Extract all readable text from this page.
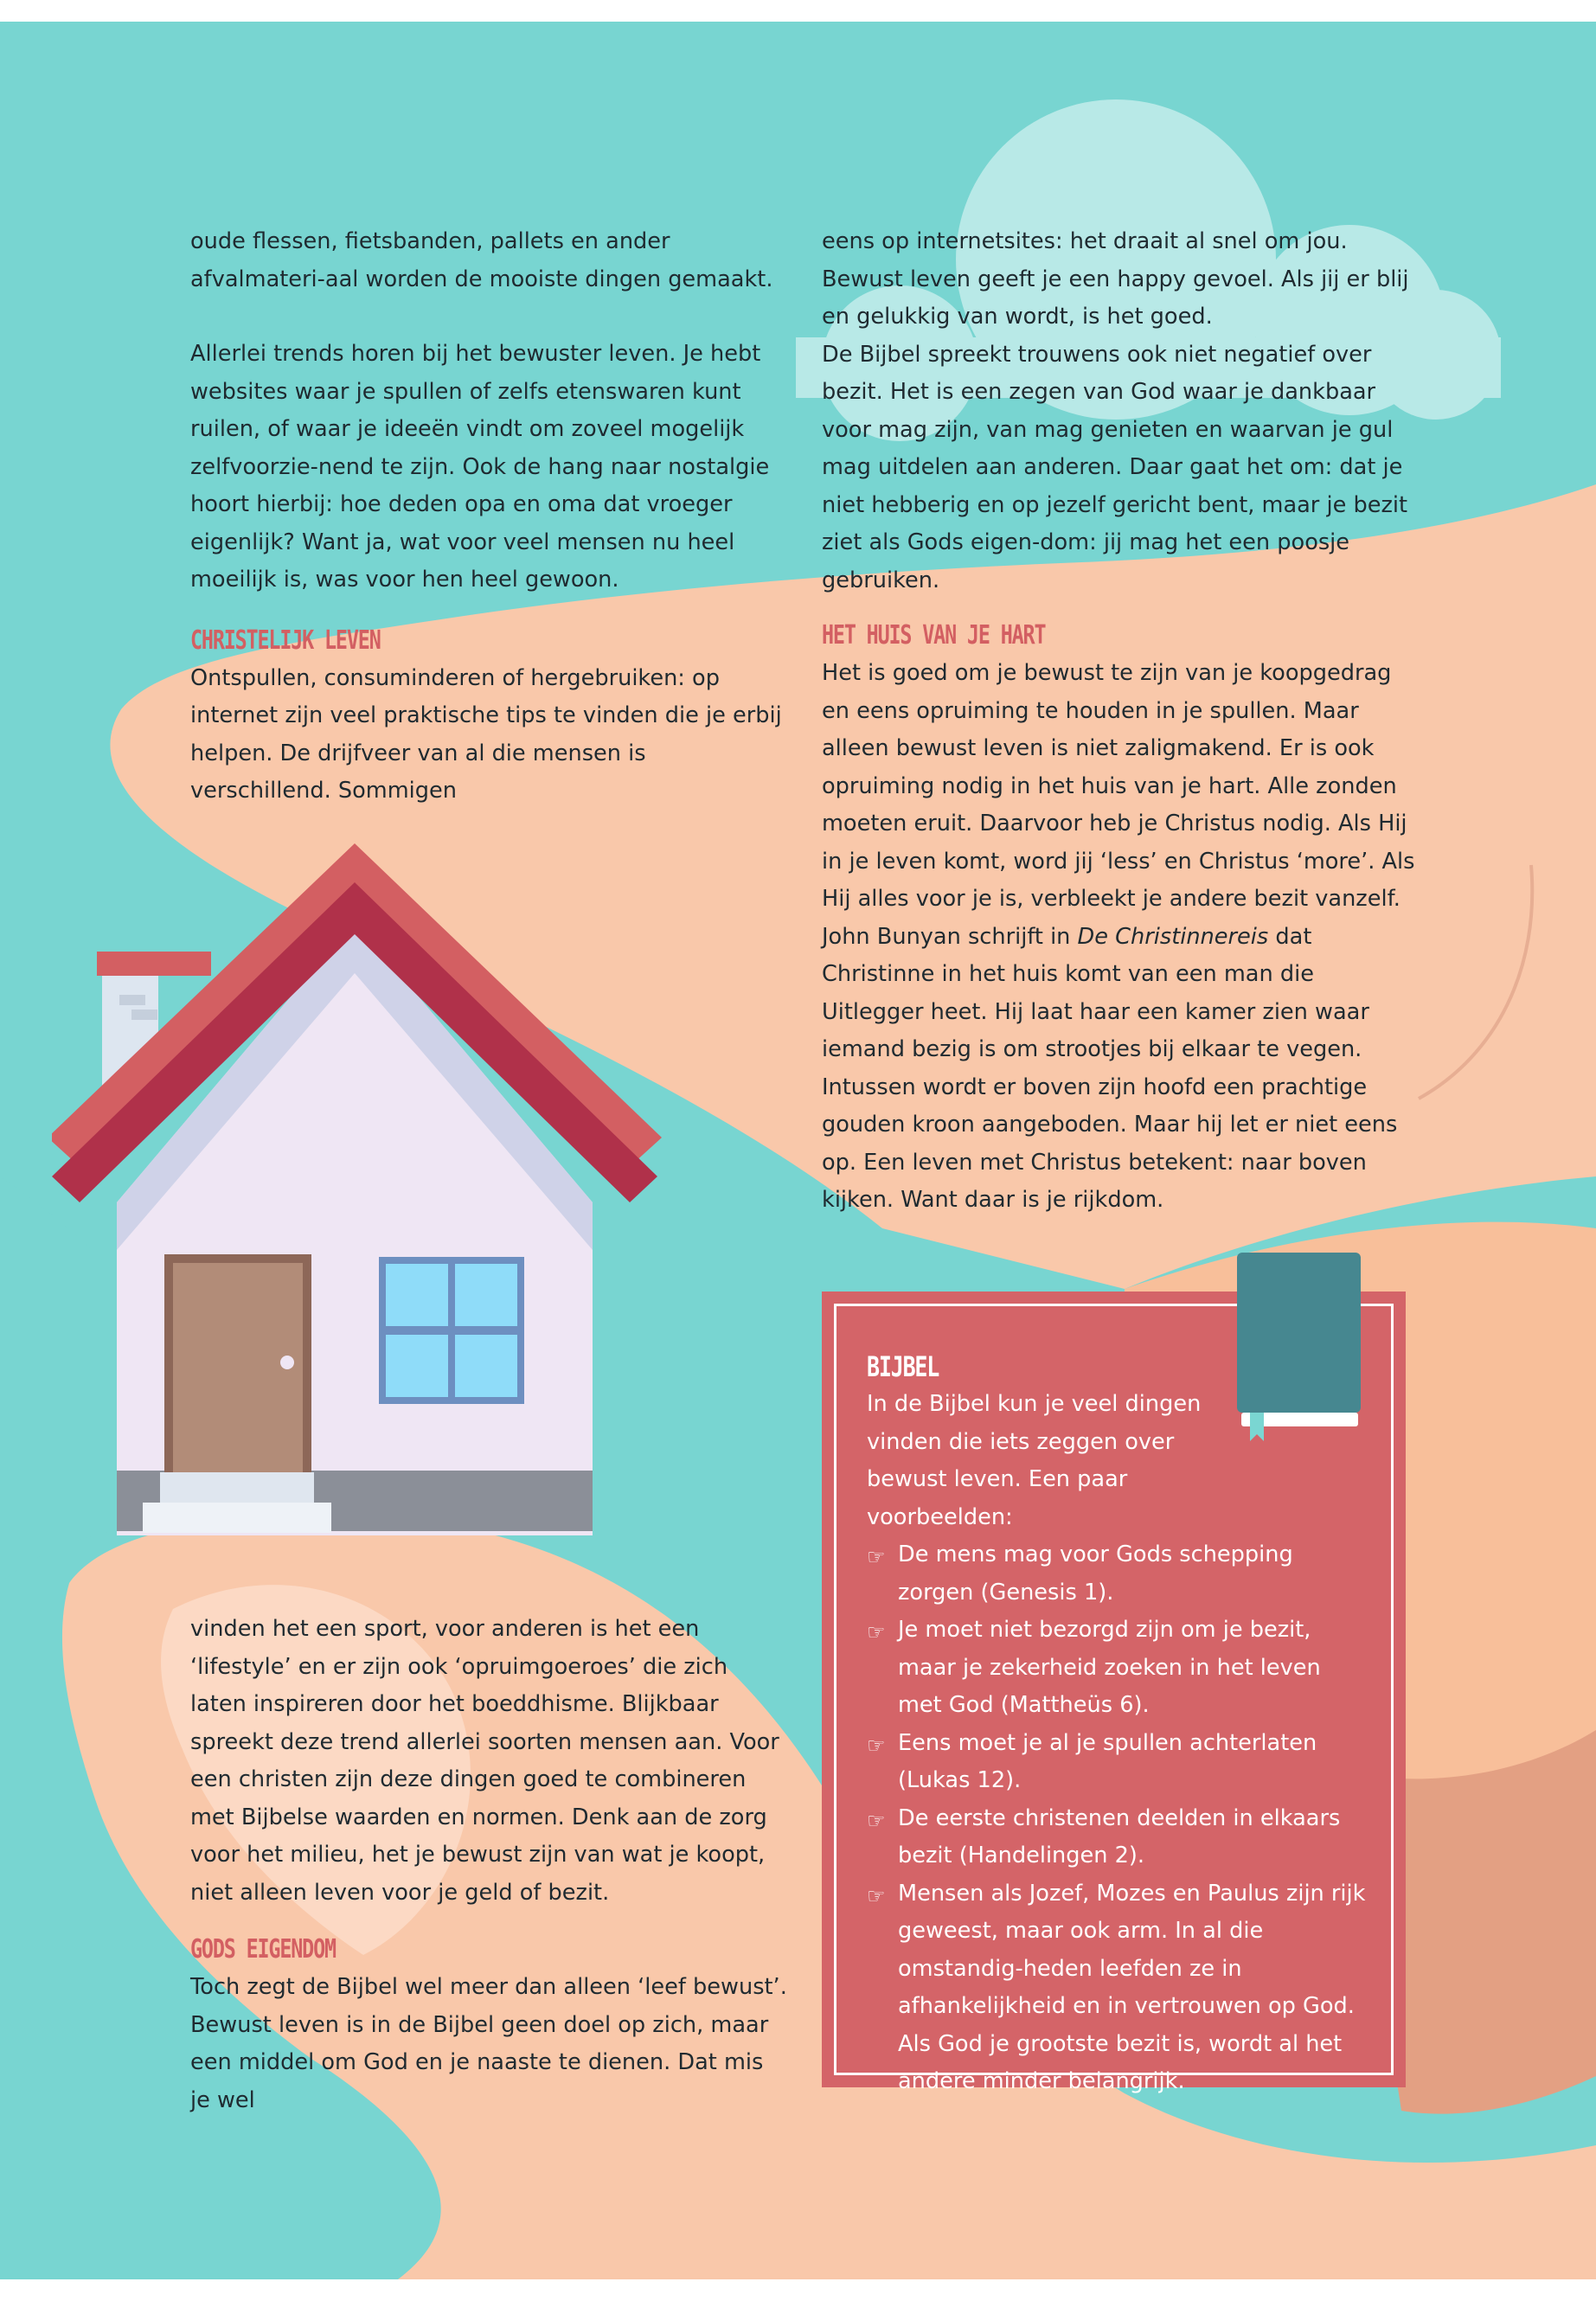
oude flessen, fietsbanden, pallets en ander afvalmateri-aal worden de mooiste dingen gemaakt.

Allerlei trends horen bij het bewuster leven. Je hebt websites waar je spullen of zelfs etenswaren kunt ruilen, of waar je ideeën vindt om zoveel mogelijk zelfvoorzie-nend te zijn. Ook de hang naar nostalgie hoort hierbij: hoe deden opa en oma dat vroeger eigenlijk? Want ja, wat voor veel mensen nu heel moeilijk is, was voor hen heel gewoon.

CHRISTELIJK LEVEN

Ontspullen, consuminderen of hergebruiken: op internet zijn veel praktische tips te vinden die je erbij helpen. De drijfveer van al die mensen is verschillend. Sommigen

eens op internetsites: het draait al snel om jou. Bewust leven geeft je een happy gevoel. Als jij er blij en gelukkig van wordt, is het goed.

De Bijbel spreekt trouwens ook niet negatief over bezit. Het is een zegen van God waar je dankbaar voor mag zijn, van mag genieten en waarvan je gul mag uitdelen aan anderen. Daar gaat het om: dat je niet hebberig en op jezelf gericht bent, maar je bezit ziet als Gods eigen-dom: jij mag het een poosje gebruiken.

HET HUIS VAN JE HART

Het is goed om je bewust te zijn van je koopgedrag en eens opruiming te houden in je spullen. Maar alleen bewust leven is niet zaligmakend. Er is ook opruiming nodig in het huis van je hart. Alle zonden moeten eruit. Daarvoor heb je Christus nodig. Als Hij in je leven komt, word jij ‘less’ en Christus ‘more’. Als Hij alles voor je is, verbleekt je andere bezit vanzelf.

John Bunyan schrijft in De Christinnereis dat Christinne in het huis komt van een man die Uitlegger heet. Hij laat haar een kamer zien waar iemand bezig is om strootjes bij elkaar te vegen. Intussen wordt er boven zijn hoofd een prachtige gouden kroon aangeboden. Maar hij let er niet eens op. Een leven met Christus betekent: naar boven kijken. Want daar is je rijkdom.

vinden het een sport, voor anderen is het een ‘lifestyle’ en er zijn ook ‘opruimgoeroes’ die zich laten inspireren door het boeddhisme. Blijkbaar spreekt deze trend allerlei soorten mensen aan. Voor een christen zijn deze dingen goed te combineren met Bijbelse waarden en normen. Denk aan de zorg voor het milieu, het je bewust zijn van wat je koopt, niet alleen leven voor je geld of bezit.

GODS EIGENDOM

Toch zegt de Bijbel wel meer dan alleen ‘leef bewust’. Bewust leven is in de Bijbel geen doel op zich, maar een middel om God en je naaste te dienen. Dat mis je wel

BIJBEL
In de Bijbel kun je veel dingen vinden die iets zeggen over bewust leven. Een paar voorbeelden:
☞ De mens mag voor Gods schepping zorgen (Genesis 1).
☞ Je moet niet bezorgd zijn om je bezit, maar je zekerheid zoeken in het leven met God (Mattheüs 6).
☞ Eens moet je al je spullen achterlaten (Lukas 12).
☞ De eerste christenen deelden in elkaars bezit (Handelingen 2).
☞ Mensen als Jozef, Mozes en Paulus zijn rijk geweest, maar ook arm. In al die omstandig-heden leefden ze in afhankelijkheid en in vertrouwen op God. Als God je grootste bezit is, wordt al het andere minder belangrijk.
